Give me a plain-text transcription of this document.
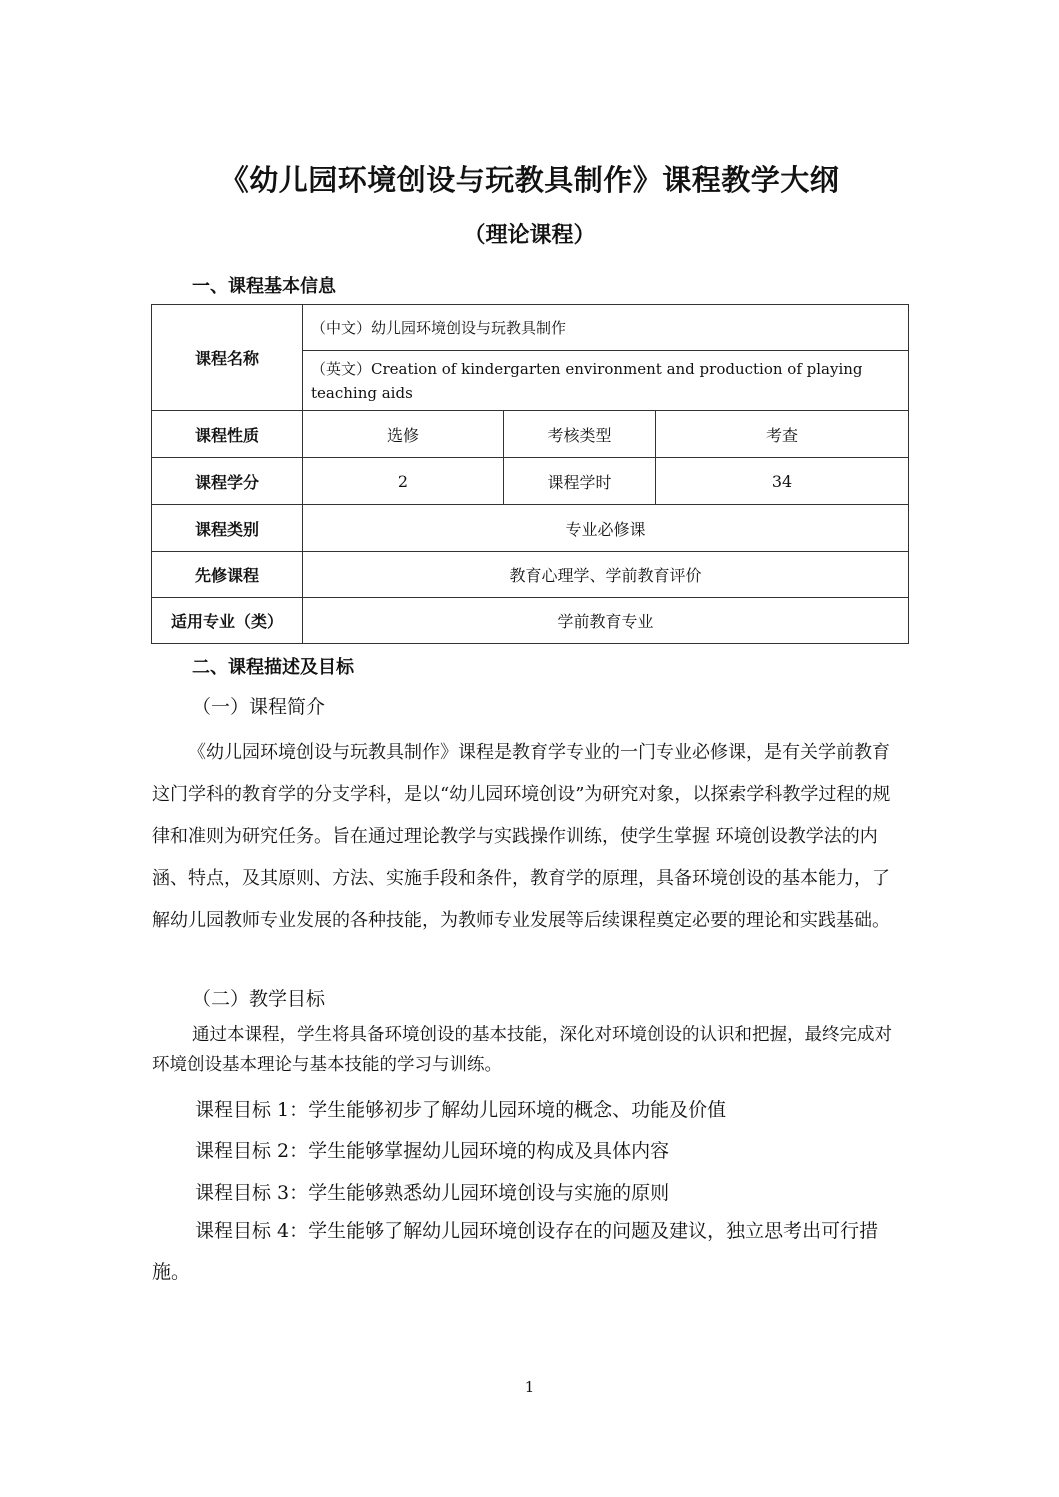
《幼儿园环境创设与玩教具制作》课程教学大纲
（理论课程）
一、课程基本信息
课程名称	（中文）幼儿园环境创设与玩教具制作		
	（英文）Creation of kindergarten environment and production of playing teaching aids		
课程性质	选修	考核类型	考查
课程学分	2	课程学时	34
课程类别	专业必修课		
先修课程	教育心理学、学前教育评价		
适用专业（类）	学前教育专业		
二、课程描述及目标
（一）课程简介

《幼儿园环境创设与玩教具制作》课程是教育学专业的一门专业必修课，是有关学前教育这门学科的教育学的分支学科，是以“幼儿园环境创设”为研究对象，以探索学科教学过程的规律和准则为研究任务。旨在通过理论教学与实践操作训练，使学生掌握 环境创设教学法的内涵、特点，及其原则、方法、实施手段和条件，教育学的原理，具备环境创设的基本能力，了解幼儿园教师专业发展的各种技能，为教师专业发展等后续课程奠定必要的理论和实践基础。

（二）教学目标

通过本课程，学生将具备环境创设的基本技能，深化对环境创设的认识和把握，最终完成对环境创设基本理论与基本技能的学习与训练。

课程目标 1：学生能够初步了解幼儿园环境的概念、功能及价值
课程目标 2：学生能够掌握幼儿园环境的构成及具体内容
课程目标 3：学生能够熟悉幼儿园环境创设与实施的原则
课程目标 4：学生能够了解幼儿园环境创设存在的问题及建议，独立思考出可行措施。
1
